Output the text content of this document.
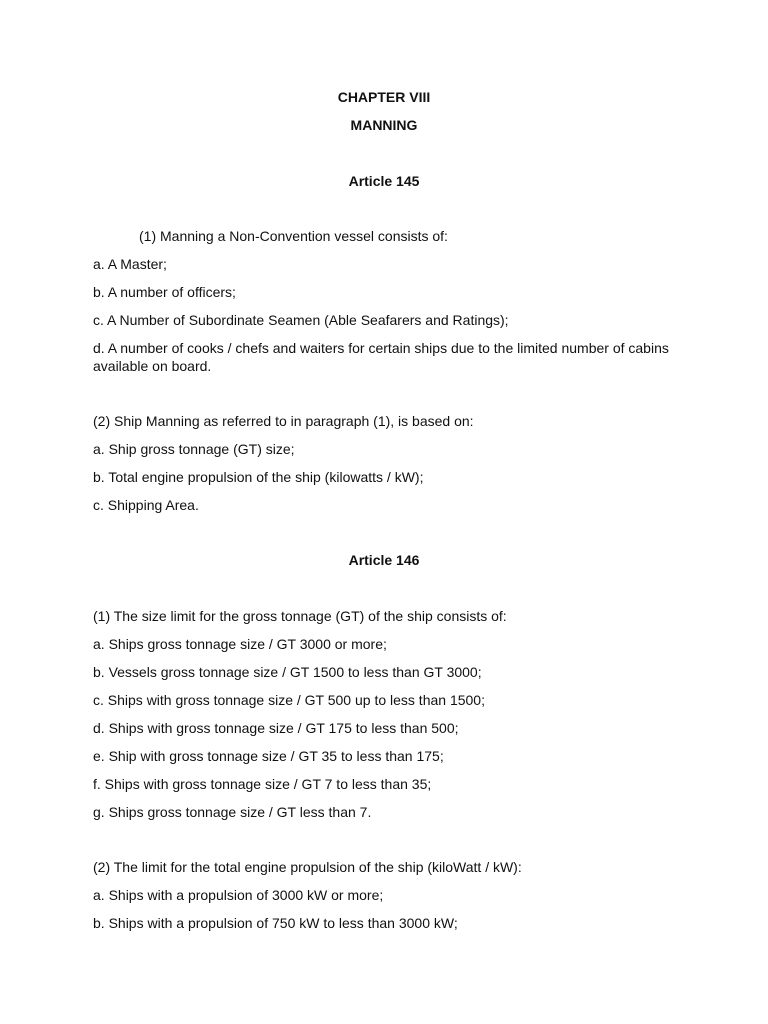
CHAPTER VIII
MANNING
Article 145
(1) Manning a Non-Convention vessel consists of:
a. A Master;
b. A number of officers;
c. A Number of Subordinate Seamen (Able Seafarers and Ratings);
d. A number of cooks / chefs and waiters for certain ships due to the limited number of cabins available on board.
(2) Ship Manning as referred to in paragraph (1), is based on:
a. Ship gross tonnage (GT) size;
b. Total engine propulsion of the ship (kilowatts / kW);
c. Shipping Area.
Article 146
(1) The size limit for the gross tonnage (GT) of the ship consists of:
a. Ships gross tonnage size / GT 3000 or more;
b. Vessels gross tonnage size / GT 1500 to less than GT 3000;
c. Ships with gross tonnage size / GT 500 up to less than 1500;
d. Ships with gross tonnage size / GT 175 to less than 500;
e. Ship with gross tonnage size / GT 35 to less than 175;
f. Ships with gross tonnage size / GT 7 to less than 35;
g. Ships gross tonnage size / GT less than 7.
(2) The limit for the total engine propulsion of the ship (kiloWatt / kW):
a. Ships with a propulsion of 3000 kW or more;
b. Ships with a propulsion of 750 kW to less than 3000 kW;
